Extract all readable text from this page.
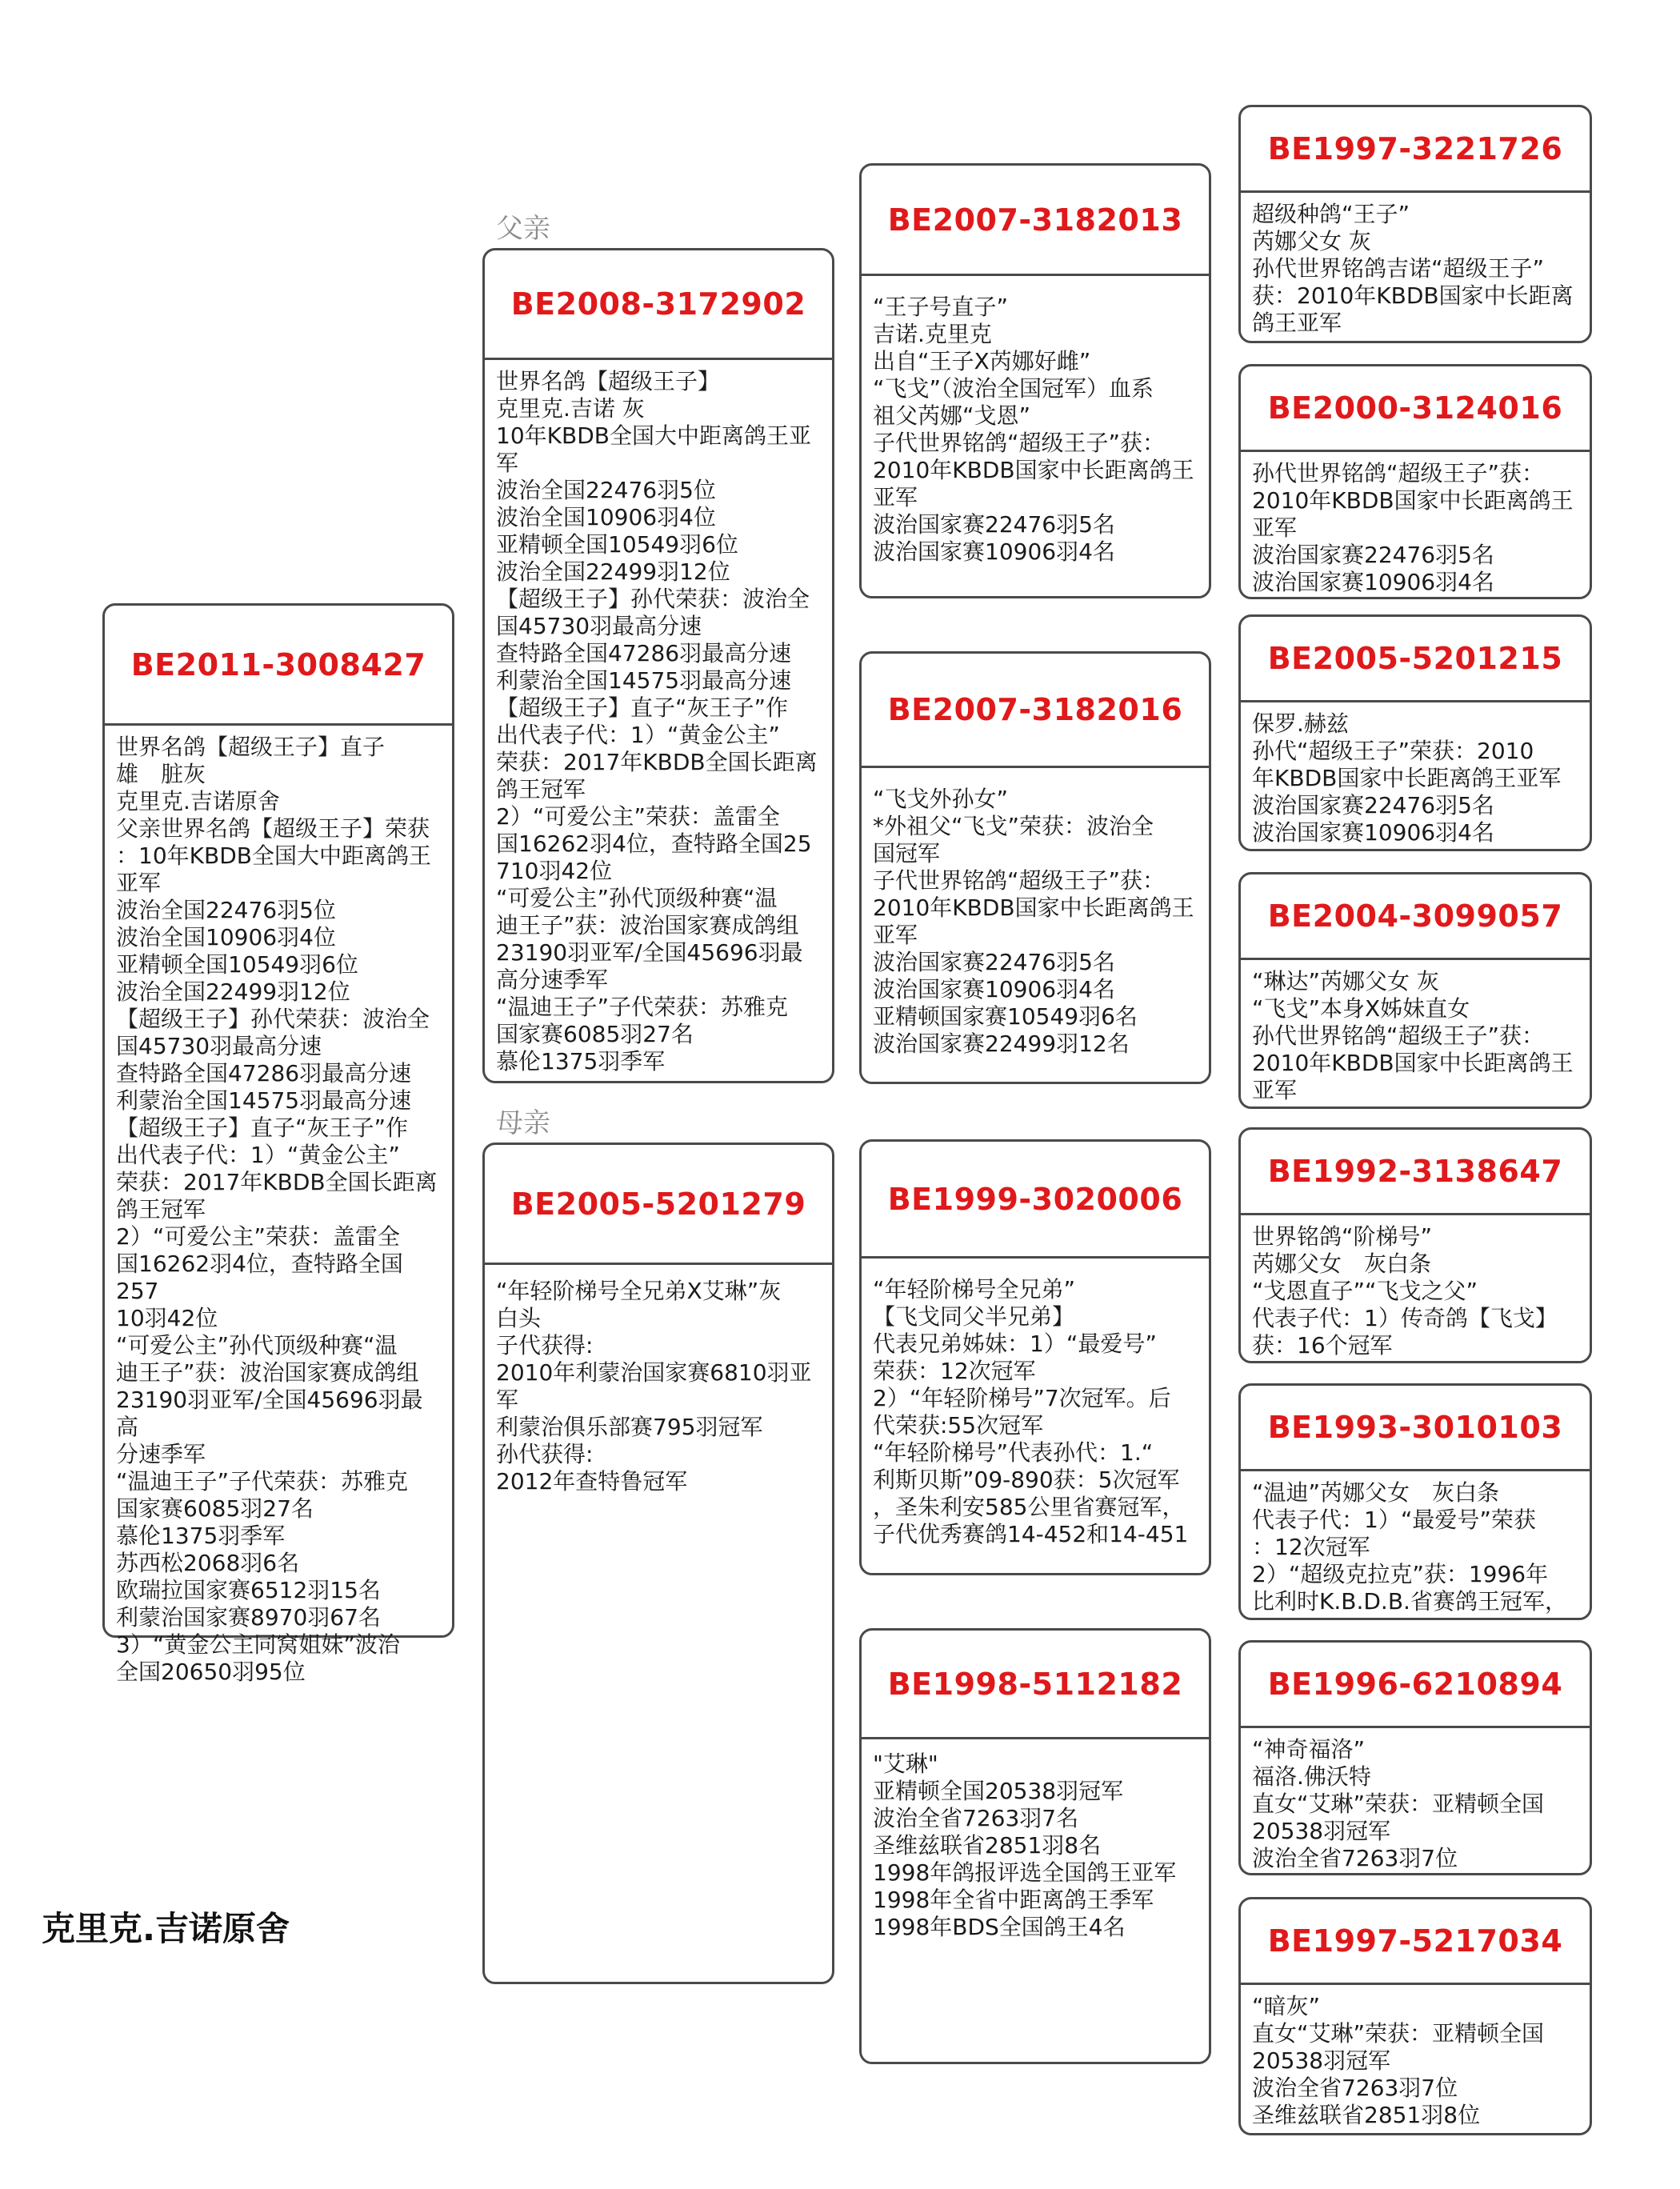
BE2011-3008427
世界名鸽【超级王子】直子
雄　脏灰
克里克.吉诺原舍
父亲世界名鸽【超级王子】荣获
：10年KBDB全国大中距离鸽王
亚军
波治全国22476羽5位
波治全国10906羽4位
亚精顿全国10549羽6位
波治全国22499羽12位
【超级王子】孙代荣获：波治全
国45730羽最高分速
查特路全国47286羽最高分速
利蒙治全国14575羽最高分速
【超级王子】直子“灰王子”作
出代表子代：1）“黄金公主”
荣获：2017年KBDB全国长距离
鸽王冠军
2）“可爱公主”荣获：盖雷全
国16262羽4位，查特路全国257
10羽42位
“可爱公主”孙代顶级种赛“温
迪王子”获：波治国家赛成鸽组
23190羽亚军/全国45696羽最高
分速季军
“温迪王子”子代荣获：苏雅克
国家赛6085羽27名
慕伦1375羽季军
苏西松2068羽6名
欧瑞拉国家赛6512羽15名
利蒙治国家赛8970羽67名
3）“黄金公主同窝姐妹”波治
全国20650羽95位
克里克.吉诺原舍
父亲
BE2008-3172902
世界名鸽【超级王子】
克里克.吉诺 灰
10年KBDB全国大中距离鸽王亚
军
波治全国22476羽5位
波治全国10906羽4位
亚精顿全国10549羽6位
波治全国22499羽12位
【超级王子】孙代荣获：波治全
国45730羽最高分速
查特路全国47286羽最高分速
利蒙治全国14575羽最高分速
【超级王子】直子“灰王子”作
出代表子代：1）“黄金公主”
荣获：2017年KBDB全国长距离
鸽王冠军
2）“可爱公主”荣获：盖雷全
国16262羽4位，查特路全国25
710羽42位
“可爱公主”孙代顶级种赛“温
迪王子”获：波治国家赛成鸽组
23190羽亚军/全国45696羽最
高分速季军
“温迪王子”子代荣获：苏雅克
国家赛6085羽27名
慕伦1375羽季军
母亲
BE2005-5201279
“年轻阶梯号全兄弟X艾琳”灰
白头
子代获得:
2010年利蒙治国家赛6810羽亚
军
利蒙治俱乐部赛795羽冠军
孙代获得:
2012年查特鲁冠军
BE2007-3182013
“王子号直子”
吉诺.克里克
出自“王子X芮娜好雌”
“飞戈”（波治全国冠军）血系
祖父芮娜“戈恩”
子代世界铭鸽“超级王子”获：
2010年KBDB国家中长距离鸽王
亚军
波治国家赛22476羽5名
波治国家赛10906羽4名
BE2007-3182016
“飞戈外孙女”
*外祖父“飞戈”荣获：波治全
国冠军
子代世界铭鸽“超级王子”获：
2010年KBDB国家中长距离鸽王
亚军
波治国家赛22476羽5名
波治国家赛10906羽4名
亚精顿国家赛10549羽6名
波治国家赛22499羽12名
BE1999-3020006
“年轻阶梯号全兄弟”
【飞戈同父半兄弟】
代表兄弟姊妹：1）“最爱号”
荣获：12次冠军
2）“年轻阶梯号”7次冠军。后
代荣获:55次冠军
“年轻阶梯号”代表孙代：1.“
利斯贝斯”09-890获：5次冠军
，圣朱利安585公里省赛冠军，
子代优秀赛鸽14-452和14-451
BE1998-5112182
"艾琳"
亚精顿全国20538羽冠军
波治全省7263羽7名
圣维兹联省2851羽8名
1998年鸽报评选全国鸽王亚军
1998年全省中距离鸽王季军
1998年BDS全国鸽王4名
BE1997-3221726
超级种鸽“王子”
芮娜父女 灰
孙代世界铭鸽吉诺“超级王子”
获：2010年KBDB国家中长距离
鸽王亚军
BE2000-3124016
孙代世界铭鸽“超级王子”获：
2010年KBDB国家中长距离鸽王
亚军
波治国家赛22476羽5名
波治国家赛10906羽4名
BE2005-5201215
保罗.赫兹
孙代“超级王子”荣获：2010
年KBDB国家中长距离鸽王亚军
波治国家赛22476羽5名
波治国家赛10906羽4名
BE2004-3099057
“琳达”芮娜父女 灰
“飞戈”本身X姊妹直女
孙代世界铭鸽“超级王子”获：
2010年KBDB国家中长距离鸽王
亚军
BE1992-3138647
世界铭鸽“阶梯号”
芮娜父女　灰白条
“戈恩直子”“飞戈之父”
代表子代：1）传奇鸽【飞戈】
获：16个冠军
BE1993-3010103
“温迪”芮娜父女　灰白条
代表子代：1）“最爱号”荣获
：12次冠军
2）“超级克拉克”获：1996年
比利时K.B.D.B.省赛鸽王冠军，
BE1996-6210894
“神奇福洛”
福洛.佛沃特
直女“艾琳”荣获：亚精顿全国
20538羽冠军
波治全省7263羽7位
BE1997-5217034
“暗灰”
直女“艾琳”荣获：亚精顿全国
20538羽冠军
波治全省7263羽7位
圣维兹联省2851羽8位
